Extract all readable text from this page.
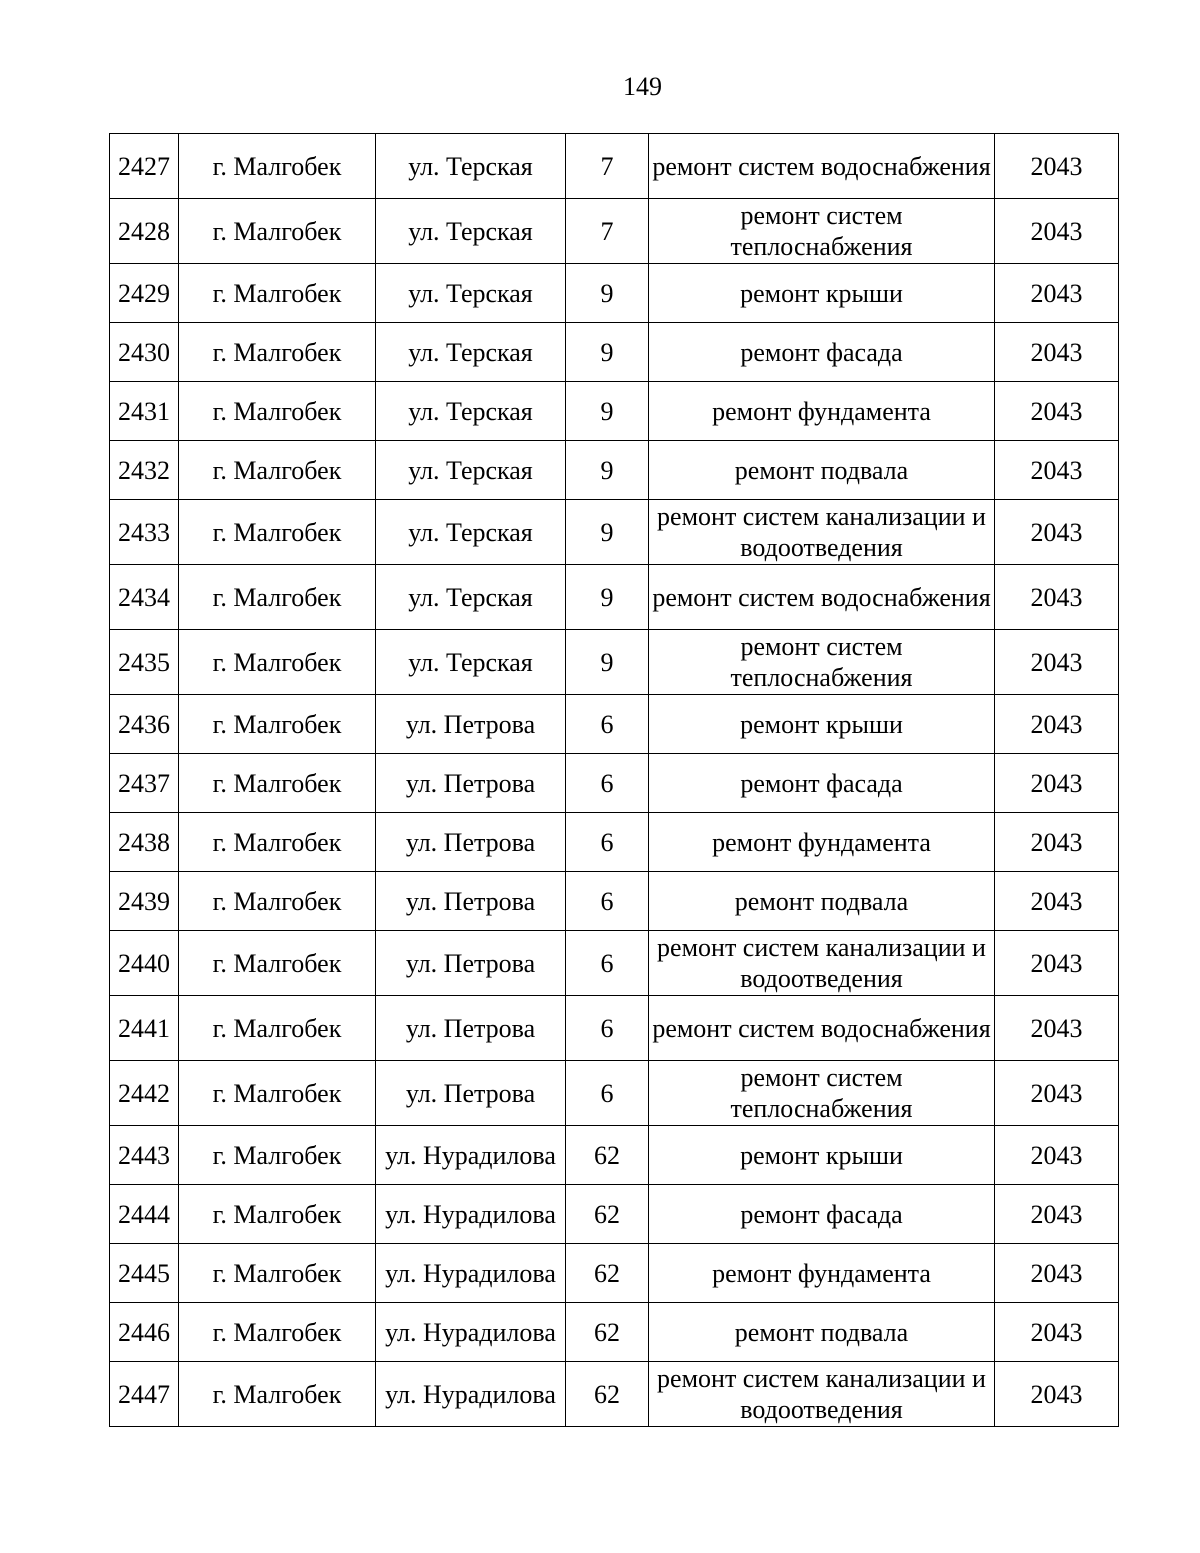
149
2427	г. Малгобек	ул. Терская	7	ремонт систем водоснабжения	2043
2428	г. Малгобек	ул. Терская	7	ремонт систем теплоснабжения	2043
2429	г. Малгобек	ул. Терская	9	ремонт крыши	2043
2430	г. Малгобек	ул. Терская	9	ремонт фасада	2043
2431	г. Малгобек	ул. Терская	9	ремонт фундамента	2043
2432	г. Малгобек	ул. Терская	9	ремонт подвала	2043
2433	г. Малгобек	ул. Терская	9	ремонт систем канализации и водоотведения	2043
2434	г. Малгобек	ул. Терская	9	ремонт систем водоснабжения	2043
2435	г. Малгобек	ул. Терская	9	ремонт систем теплоснабжения	2043
2436	г. Малгобек	ул. Петрова	6	ремонт крыши	2043
2437	г. Малгобек	ул. Петрова	6	ремонт фасада	2043
2438	г. Малгобек	ул. Петрова	6	ремонт фундамента	2043
2439	г. Малгобек	ул. Петрова	6	ремонт подвала	2043
2440	г. Малгобек	ул. Петрова	6	ремонт систем канализации и водоотведения	2043
2441	г. Малгобек	ул. Петрова	6	ремонт систем водоснабжения	2043
2442	г. Малгобек	ул. Петрова	6	ремонт систем теплоснабжения	2043
2443	г. Малгобек	ул. Нурадилова	62	ремонт крыши	2043
2444	г. Малгобек	ул. Нурадилова	62	ремонт фасада	2043
2445	г. Малгобек	ул. Нурадилова	62	ремонт фундамента	2043
2446	г. Малгобек	ул. Нурадилова	62	ремонт подвала	2043
2447	г. Малгобек	ул. Нурадилова	62	ремонт систем канализации и водоотведения	2043
